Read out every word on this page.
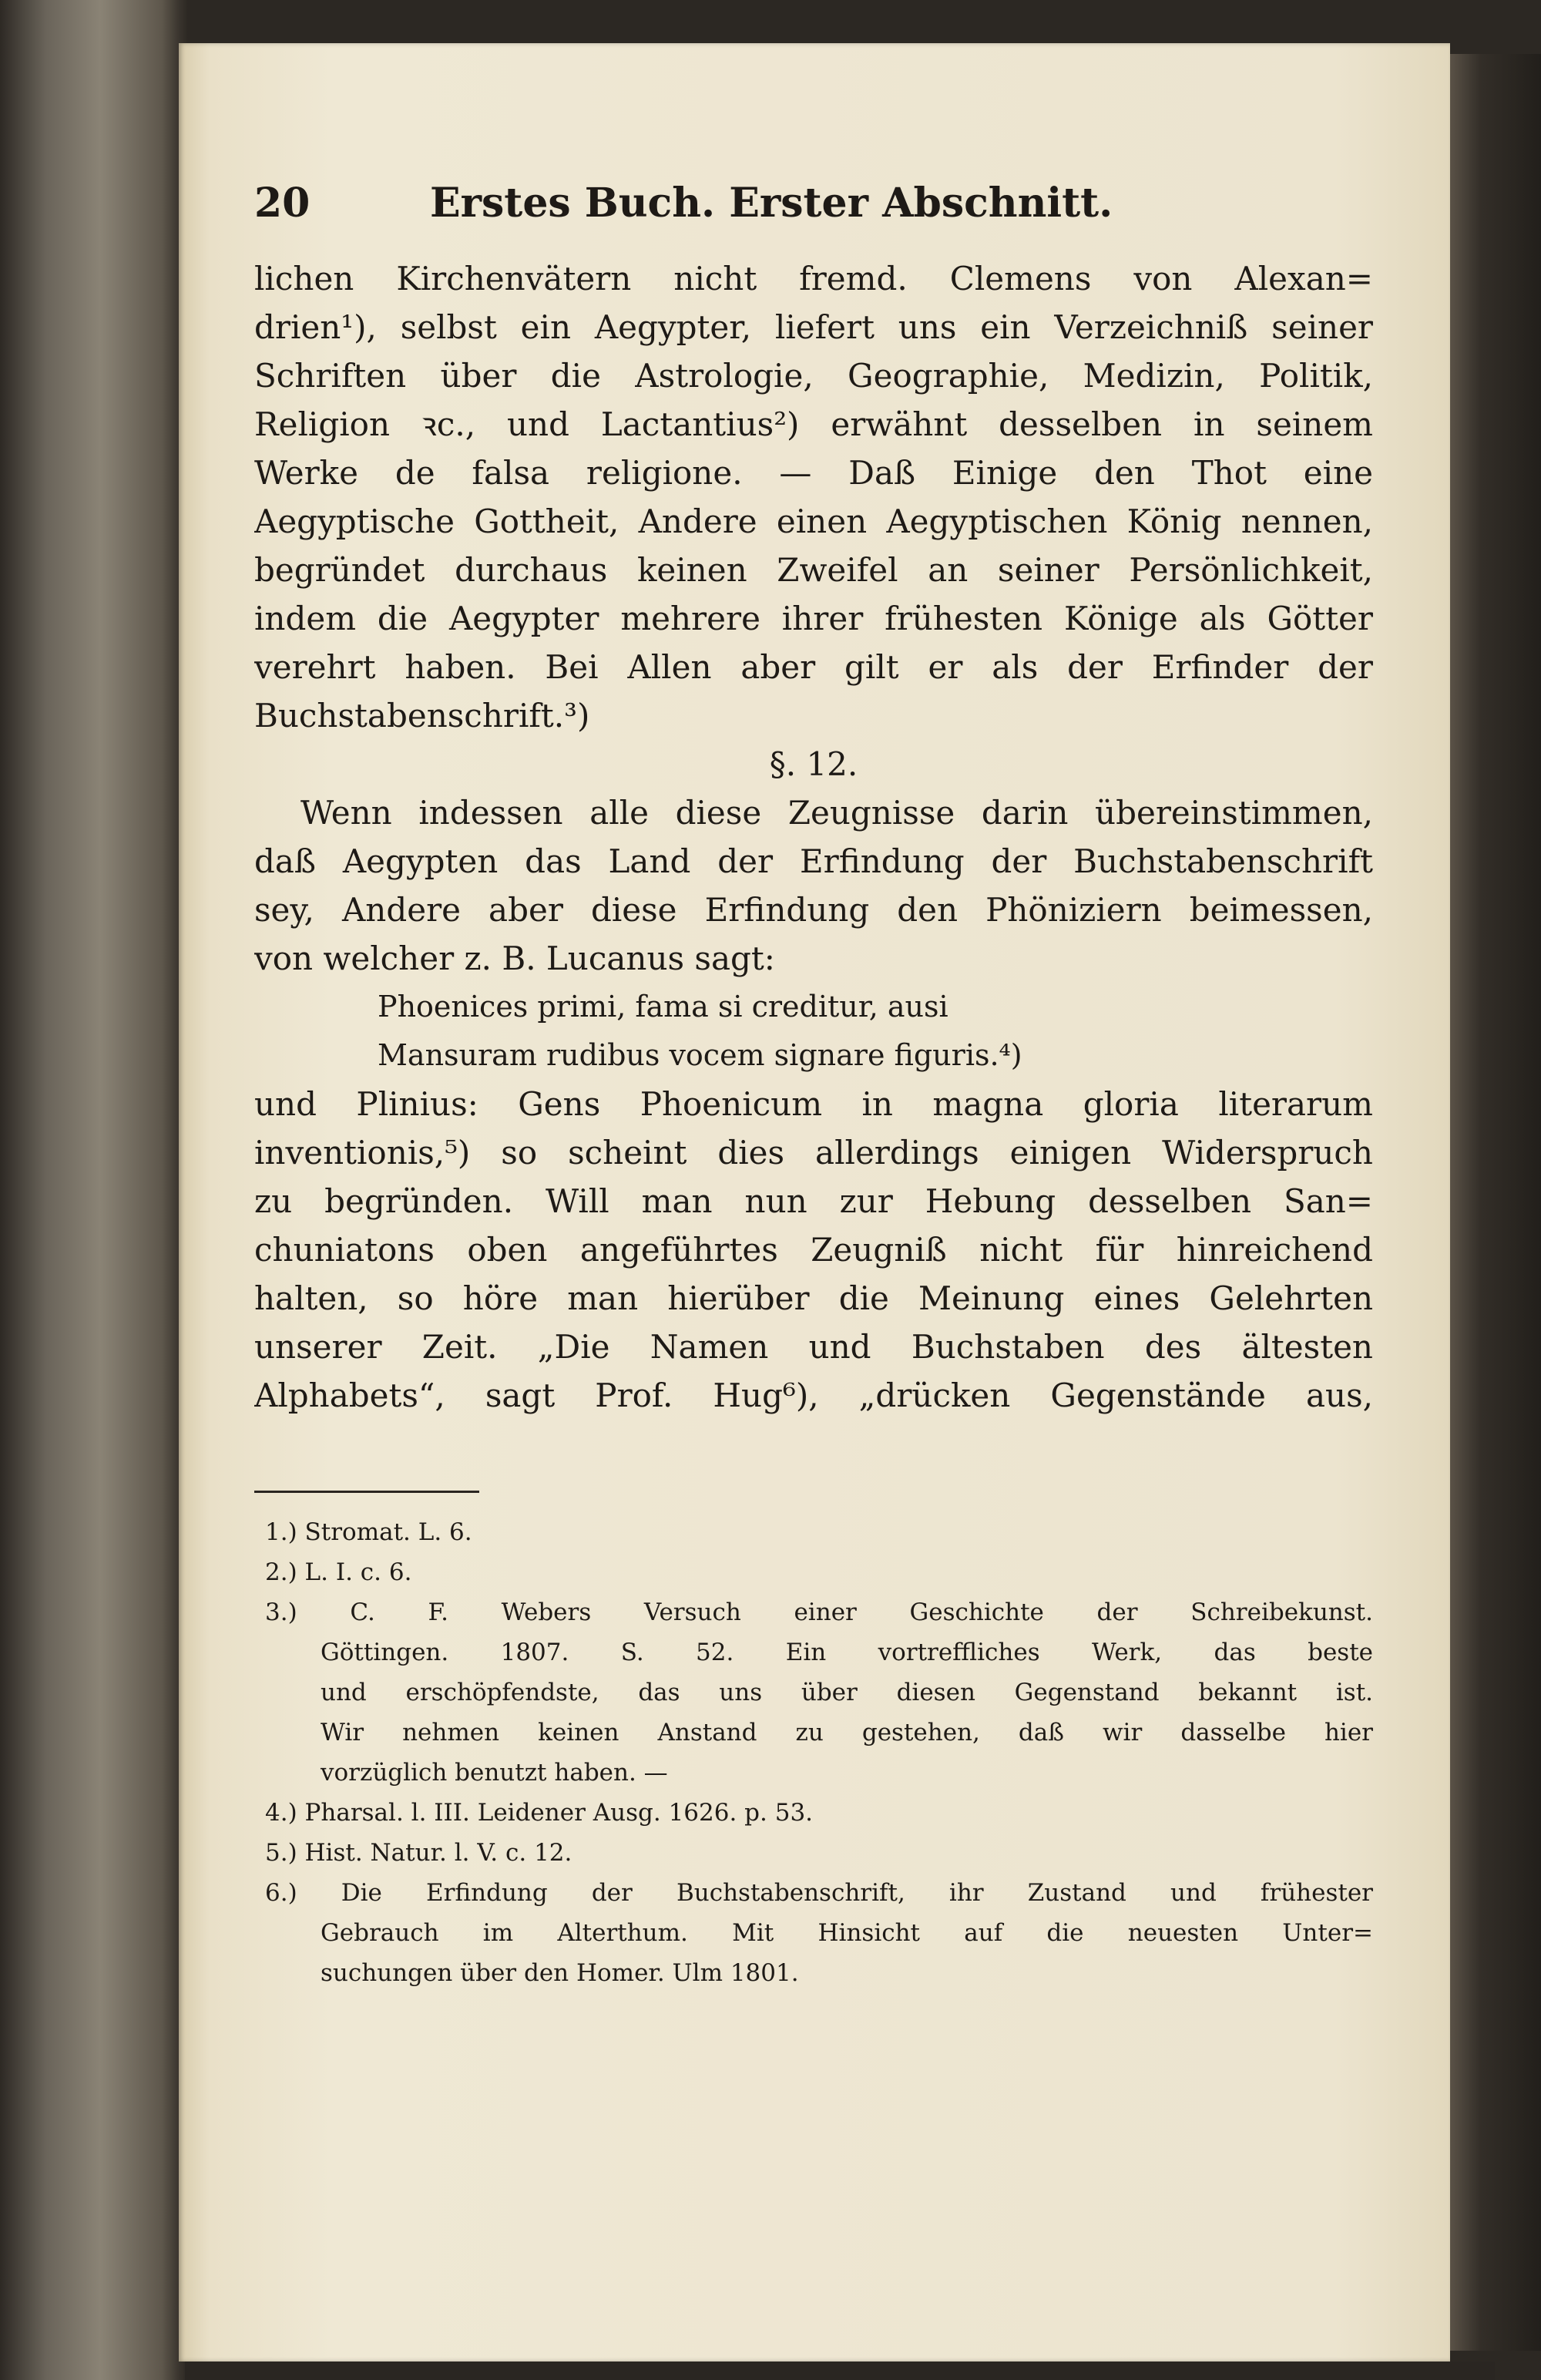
20	Erstes Buch. Erster Abschnitt.
lichen Kirchenvätern nicht fremd. Clemens von Alexan=
drien¹), selbst ein Aegypter, liefert uns ein Verzeichniß seiner
Schriften über die Astrologie, Geographie, Medizin, Politik,
Religion ꝛc., und Lactantius²) erwähnt desselben in seinem
Werke de falsa religione. — Daß Einige den Thot eine
Aegyptische Gottheit, Andere einen Aegyptischen König nennen,
begründet durchaus keinen Zweifel an seiner Persönlichkeit,
indem die Aegypter mehrere ihrer frühesten Könige als Götter
verehrt haben. Bei Allen aber gilt er als der Erfinder der
Buchstabenschrift.³)
§. 12.
Wenn indessen alle diese Zeugnisse darin übereinstimmen,
daß Aegypten das Land der Erfindung der Buchstabenschrift
sey, Andere aber diese Erfindung den Phöniziern beimessen,
von welcher z. B. Lucanus sagt:
Phoenices primi, fama si creditur, ausi
Mansuram rudibus vocem signare figuris.⁴)
und Plinius: Gens Phoenicum in magna gloria literarum
inventionis,⁵) so scheint dies allerdings einigen Widerspruch
zu begründen. Will man nun zur Hebung desselben San=
chuniatons oben angeführtes Zeugniß nicht für hinreichend
halten, so höre man hierüber die Meinung eines Gelehrten
unserer Zeit. „Die Namen und Buchstaben des ältesten
Alphabets“, sagt Prof. Hug⁶), „drücken Gegenstände aus,
1.) Stromat. L. 6.
2.) L. I. c. 6.
3.) C. F. Webers Versuch einer Geschichte der Schreibekunst.
Göttingen. 1807. S. 52. Ein vortreffliches Werk, das beste
und erschöpfendste, das uns über diesen Gegenstand bekannt ist.
Wir nehmen keinen Anstand zu gestehen, daß wir dasselbe hier
vorzüglich benutzt haben. —
4.) Pharsal. l. III. Leidener Ausg. 1626. p. 53.
5.) Hist. Natur. l. V. c. 12.
6.) Die Erfindung der Buchstabenschrift, ihr Zustand und frühester
Gebrauch im Alterthum. Mit Hinsicht auf die neuesten Unter=
suchungen über den Homer. Ulm 1801.
